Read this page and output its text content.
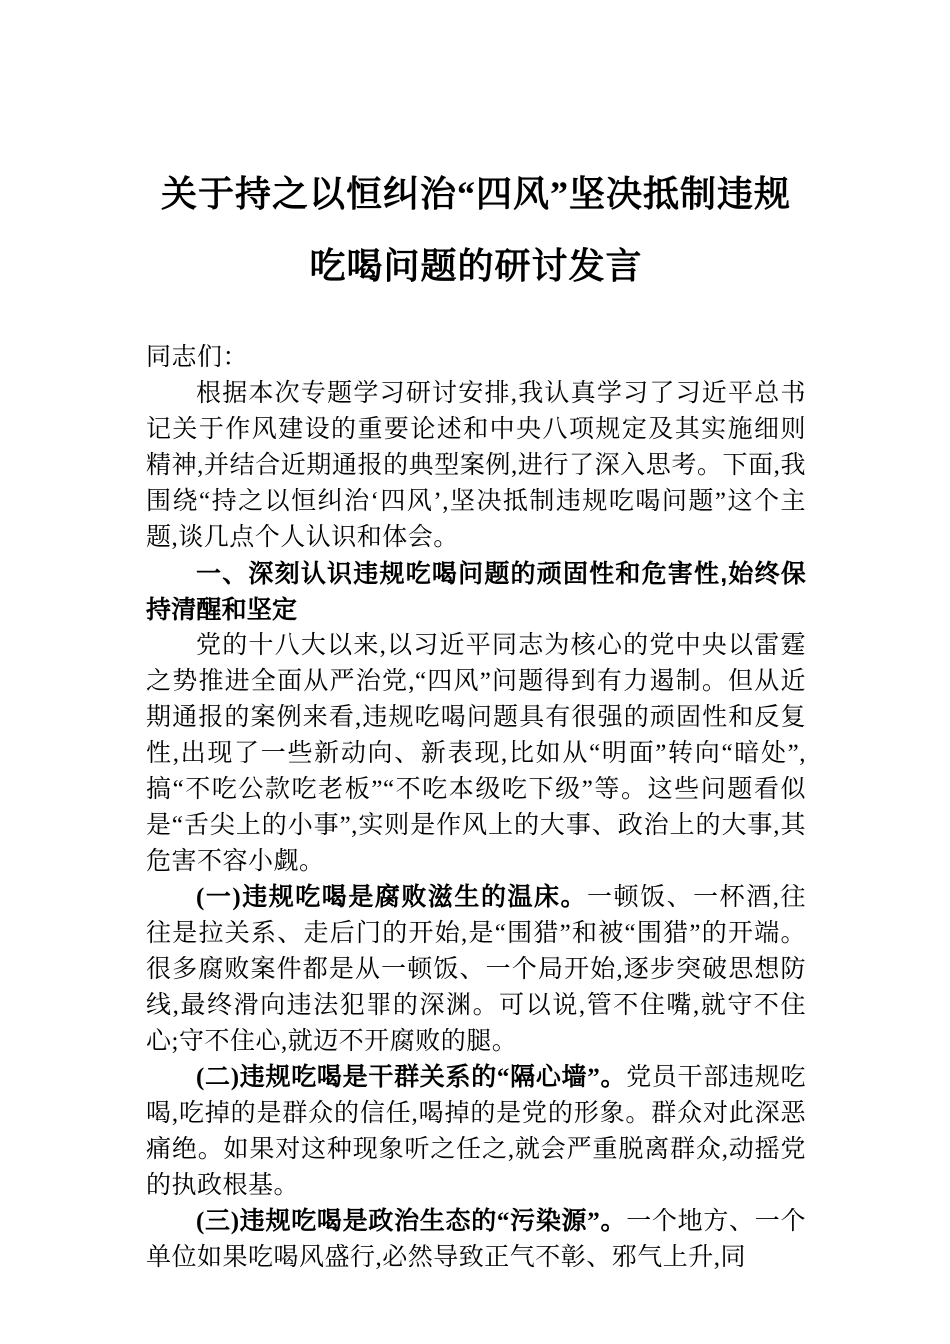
关于持之以恒纠治“四风”坚决抵制违规
吃喝问题的研讨发言

同志们：

根据本次专题学习研讨安排,我认真学习了习近平总书记关于作风建设的重要论述和中央八项规定及其实施细则精神,并结合近期通报的典型案例,进行了深入思考。下面,我围绕“持之以恒纠治‘四风’,坚决抵制违规吃喝问题”这个主题,谈几点个人认识和体会。

一、深刻认识违规吃喝问题的顽固性和危害性,始终保持清醒和坚定

党的十八大以来,以习近平同志为核心的党中央以雷霆之势推进全面从严治党,“四风”问题得到有力遏制。但从近期通报的案例来看,违规吃喝问题具有很强的顽固性和反复性,出现了一些新动向、新表现,比如从“明面”转向“暗处”,搞“不吃公款吃老板”“不吃本级吃下级”等。这些问题看似是“舌尖上的小事”,实则是作风上的大事、政治上的大事,其危害不容小觑。

(一)违规吃喝是腐败滋生的温床。一顿饭、一杯酒,往往是拉关系、走后门的开始,是“围猎”和被“围猎”的开端。很多腐败案件都是从一顿饭、一个局开始,逐步突破思想防线,最终滑向违法犯罪的深渊。可以说,管不住嘴,就守不住心;守不住心,就迈不开腐败的腿。

(二)违规吃喝是干群关系的“隔心墙”。党员干部违规吃喝,吃掉的是群众的信任,喝掉的是党的形象。群众对此深恶痛绝。如果对这种现象听之任之,就会严重脱离群众,动摇党的执政根基。

(三)违规吃喝是政治生态的“污染源”。一个地方、一个单位如果吃喝风盛行,必然导致正气不彰、邪气上升,同
